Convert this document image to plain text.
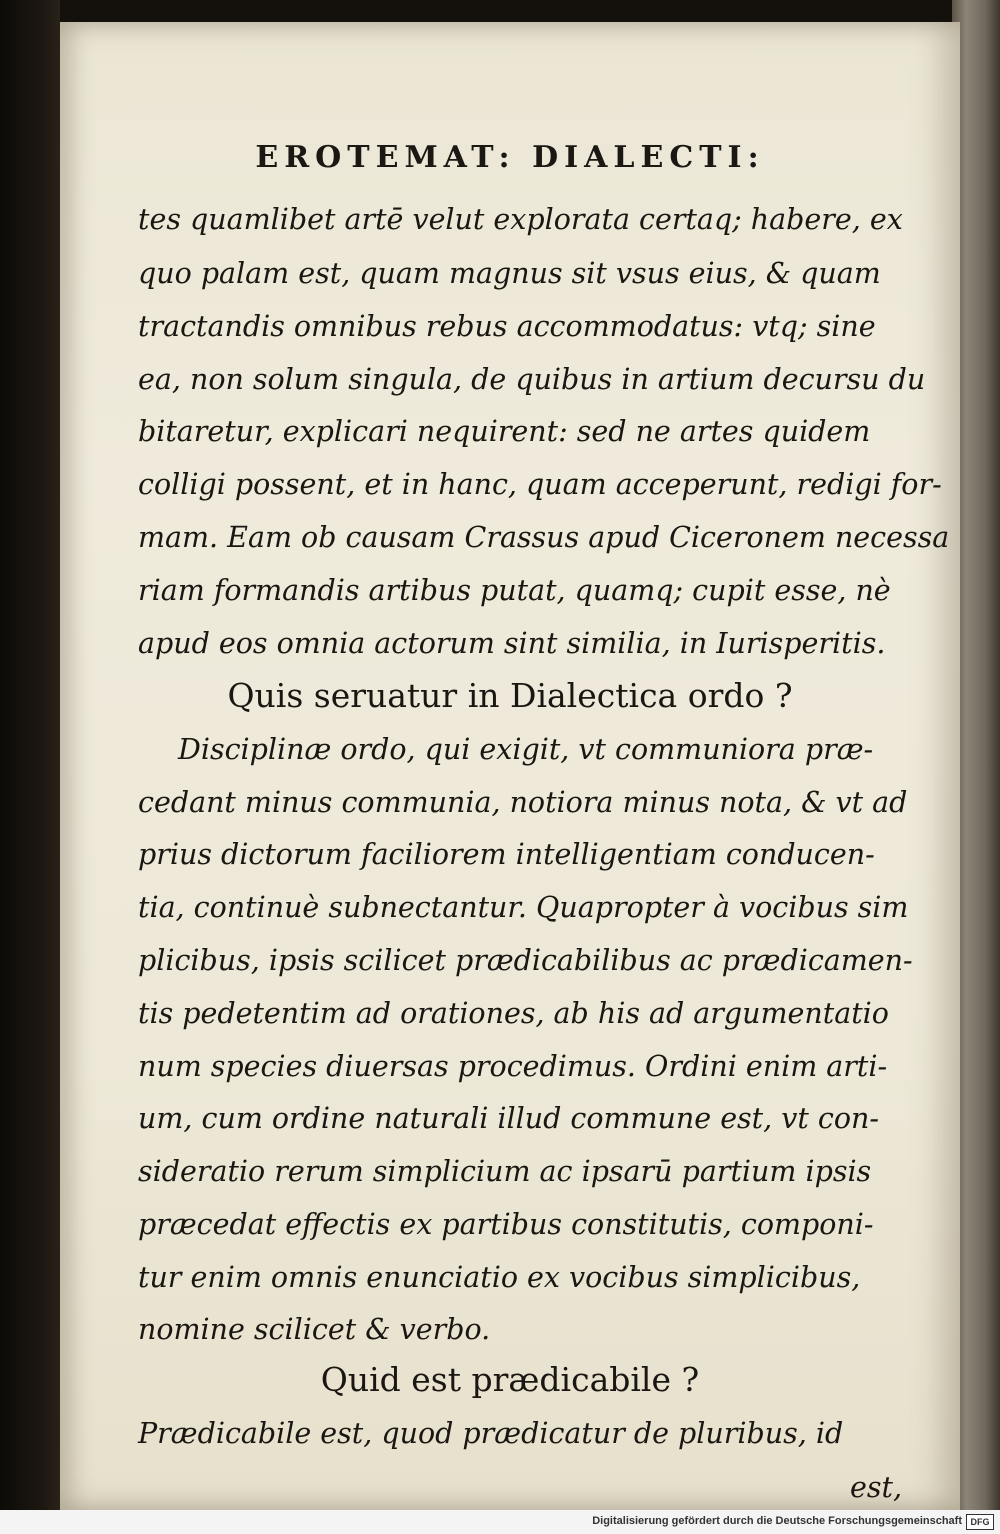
EROTEMAT: DIALECTI:
tes quamlibet artē velut explorata certaq; habere, ex
quo palam est, quam magnus sit vsus eius, & quam
tractandis omnibus rebus accommodatus: vtq; sine
ea, non solum singula, de quibus in artium decursu du
bitaretur, explicari nequirent: sed ne artes quidem
colligi possent, et in hanc, quam acceperunt, redigi for-
mam. Eam ob causam Crassus apud Ciceronem necessa
riam formandis artibus putat, quamq; cupit esse, nè
apud eos omnia actorum sint similia, in Iurisperitis.
Quis seruatur in Dialectica ordo ?
Disciplinæ ordo, qui exigit, vt communiora præ-
cedant minus communia, notiora minus nota, & vt ad
prius dictorum faciliorem intelligentiam conducen-
tia, continuè subnectantur. Quapropter à vocibus sim
plicibus, ipsis scilicet prædicabilibus ac prædicamen-
tis pedetentim ad orationes, ab his ad argumentatio
num species diuersas procedimus. Ordini enim arti-
um, cum ordine naturali illud commune est, vt con-
sideratio rerum simplicium ac ipsarū partium ipsis
præcedat effectis ex partibus constitutis, componi-
tur enim omnis enunciatio ex vocibus simplicibus,
nomine scilicet & verbo.
Quid est prædicabile ?
Prædicabile est, quod prædicatur de pluribus, id
est,
Digitalisierung gefördert durch die Deutsche Forschungsgemeinschaft DFG
